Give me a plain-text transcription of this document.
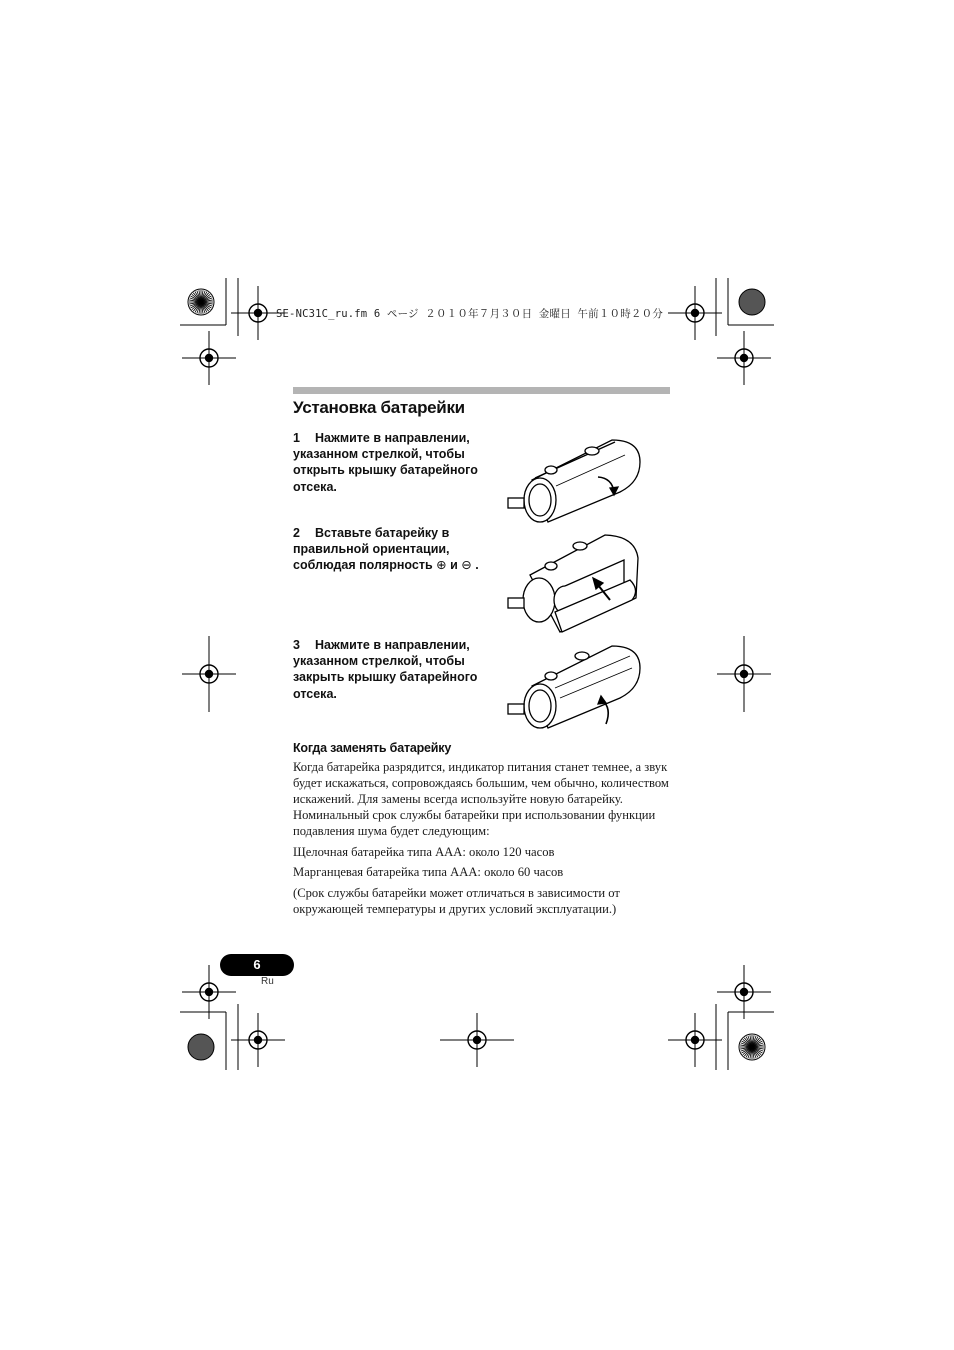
SE-NC31C_ru.fm 6 ページ ２０１０年７月３０日 金曜日 午前１０時２０分
Установка батарейки
1 Нажмите в направлении, указанном стрелкой, чтобы открыть крышку батарейного отсека.
2 Вставьте батарейку в правильной ориентации, соблюдая полярность ⊕ и ⊖ .
3 Нажмите в направлении, указанном стрелкой, чтобы закрыть крышку батарейного отсека.
Когда заменять батарейку
Когда батарейка разрядится, индикатор питания станет темнее, а звук будет искажаться, сопровождаясь большим, чем обычно, количеством искажений. Для замены всегда используйте новую батарейку. Номинальный срок службы батарейки при использовании функции подавления шума будет следующим:
Щелочная батарейка типа AAA: около 120 часов
Марганцевая батарейка типа AAA: около 60 часов
(Срок службы батарейки может отличаться в зависимости от окружающей температуры и других условий эксплуатации.)
6
Ru
